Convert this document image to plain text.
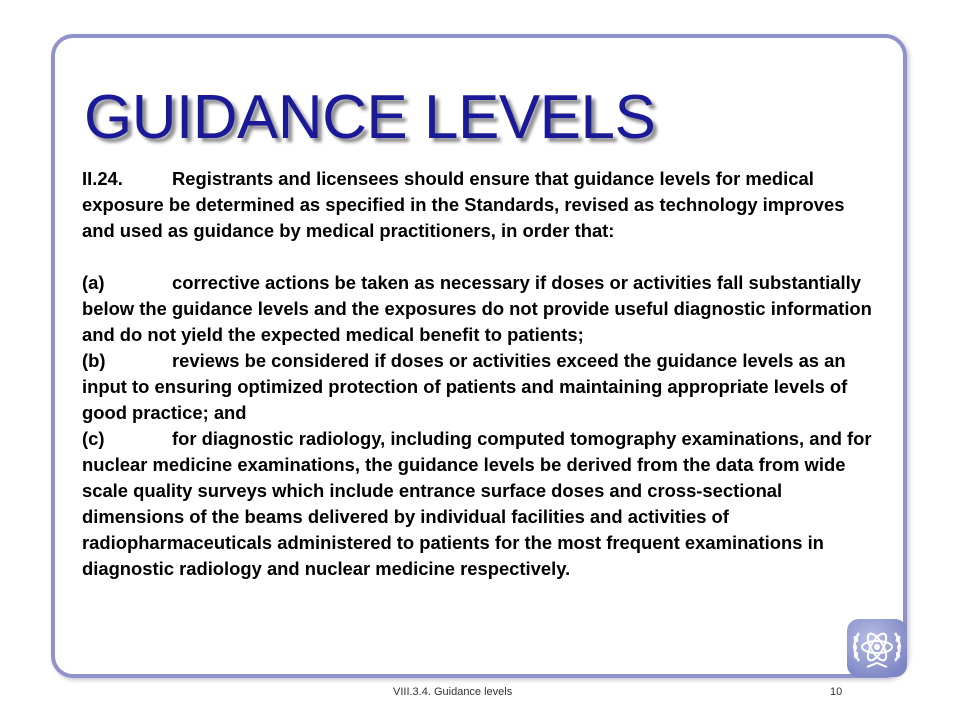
GUIDANCE LEVELS

II.24.	Registrants and licensees should ensure that guidance levels for medical exposure be determined as specified in the Standards, revised as technology improves and used as guidance by medical practitioners, in order that:

(a)	corrective actions be taken as necessary if doses or activities fall substantially below the guidance levels and the exposures do not provide useful diagnostic information and do not yield the expected medical benefit to patients;

(b)	reviews be considered if doses or activities exceed the guidance levels as an input to ensuring optimized protection of patients and maintaining appropriate levels of good practice; and

(c)	for diagnostic radiology, including computed tomography examinations, and for nuclear medicine examinations, the guidance levels be derived from the data from wide scale quality surveys which include entrance surface doses and cross-sectional dimensions of the beams delivered by individual facilities and activities of radiopharmaceuticals administered to patients for the most frequent examinations in diagnostic radiology and nuclear medicine respectively.

VIII.3.4. Guidance levels	10
